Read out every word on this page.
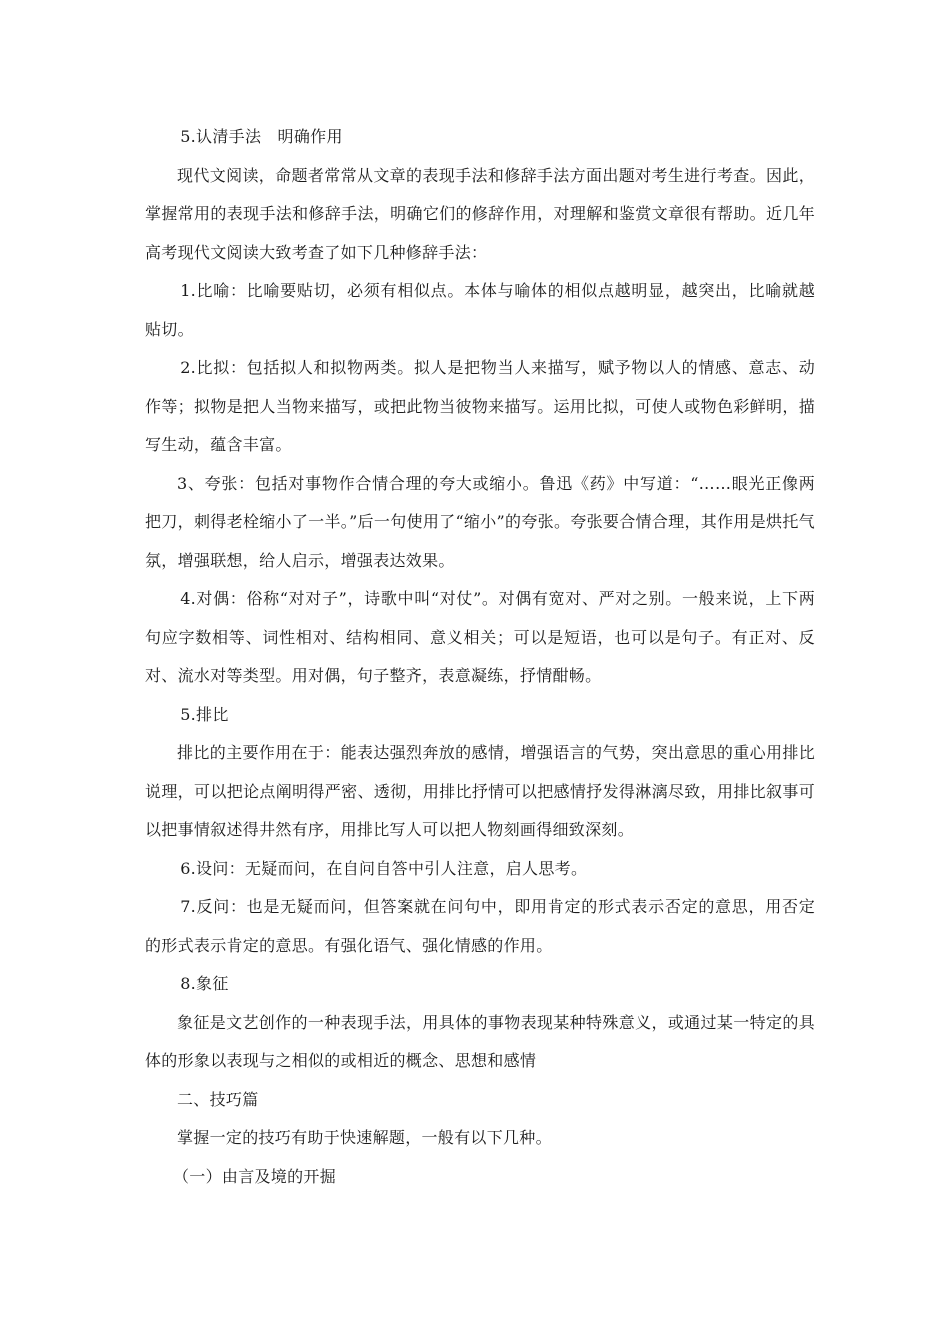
5.认清手法　明确作用

现代文阅读，命题者常常从文章的表现手法和修辞手法方面出题对考生进行考查。因此，掌握常用的表现手法和修辞手法，明确它们的修辞作用，对理解和鉴赏文章很有帮助。近几年高考现代文阅读大致考查了如下几种修辞手法：

1.比喻：比喻要贴切，必须有相似点。本体与喻体的相似点越明显，越突出，比喻就越贴切。

2.比拟：包括拟人和拟物两类。拟人是把物当人来描写，赋予物以人的情感、意志、动作等；拟物是把人当物来描写，或把此物当彼物来描写。运用比拟，可使人或物色彩鲜明，描写生动，蕴含丰富。

3、夸张：包括对事物作合情合理的夸大或缩小。鲁迅《药》中写道：“……眼光正像两把刀，刺得老栓缩小了一半。”后一句使用了“缩小”的夸张。夸张要合情合理，其作用是烘托气氛，增强联想，给人启示，增强表达效果。

4.对偶：俗称“对对子”，诗歌中叫“对仗”。对偶有宽对、严对之别。一般来说，上下两句应字数相等、词性相对、结构相同、意义相关；可以是短语，也可以是句子。有正对、反对、流水对等类型。用对偶，句子整齐，表意凝练，抒情酣畅。

5.排比

排比的主要作用在于：能表达强烈奔放的感情，增强语言的气势，突出意思的重心用排比说理，可以把论点阐明得严密、透彻，用排比抒情可以把感情抒发得淋漓尽致，用排比叙事可以把事情叙述得井然有序，用排比写人可以把人物刻画得细致深刻。

6.设问：无疑而问，在自问自答中引人注意，启人思考。

7.反问：也是无疑而问，但答案就在问句中，即用肯定的形式表示否定的意思，用否定的形式表示肯定的意思。有强化语气、强化情感的作用。

8.象征

象征是文艺创作的一种表现手法，用具体的事物表现某种特殊意义，或通过某一特定的具体的形象以表现与之相似的或相近的概念、思想和感情

二、技巧篇

掌握一定的技巧有助于快速解题，一般有以下几种。

（一）由言及境的开掘
